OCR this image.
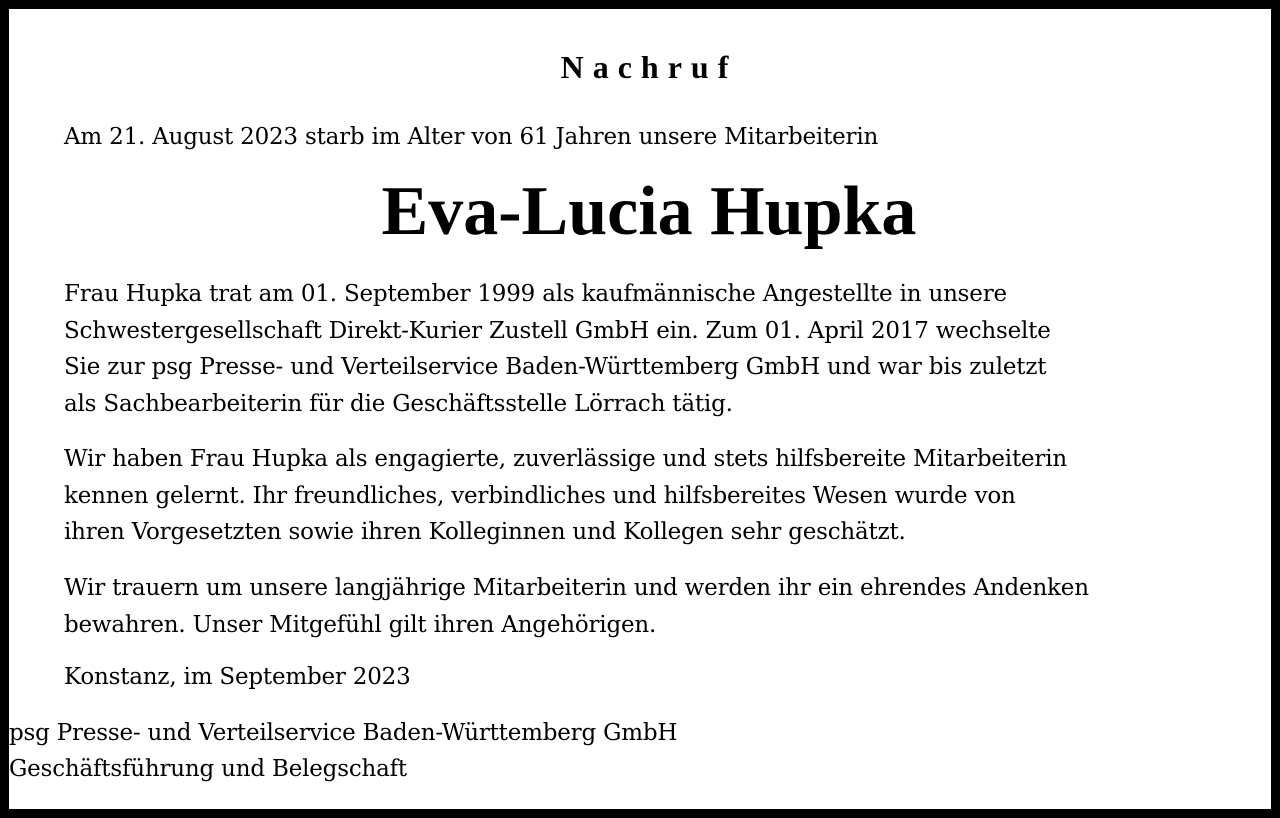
Nachruf
Am 21. August 2023 starb im Alter von 61 Jahren unsere Mitarbeiterin
Eva-Lucia Hupka
Frau Hupka trat am 01. September 1999 als kaufmännische Angestellte in unsere
Schwestergesellschaft Direkt-Kurier Zustell GmbH ein. Zum 01. April 2017 wechselte
Sie zur psg Presse- und Verteilservice Baden-Württemberg GmbH und war bis zuletzt
als Sachbearbeiterin für die Geschäftsstelle Lörrach tätig.
Wir haben Frau Hupka als engagierte, zuverlässige und stets hilfsbereite Mitarbeiterin
kennen gelernt. Ihr freundliches, verbindliches und hilfsbereites Wesen wurde von
ihren Vorgesetzten sowie ihren Kolleginnen und Kollegen sehr geschätzt.
Wir trauern um unsere langjährige Mitarbeiterin und werden ihr ein ehrendes Andenken
bewahren. Unser Mitgefühl gilt ihren Angehörigen.
Konstanz, im September 2023
psg Presse- und Verteilservice Baden-Württemberg GmbH
Geschäftsführung und Belegschaft
